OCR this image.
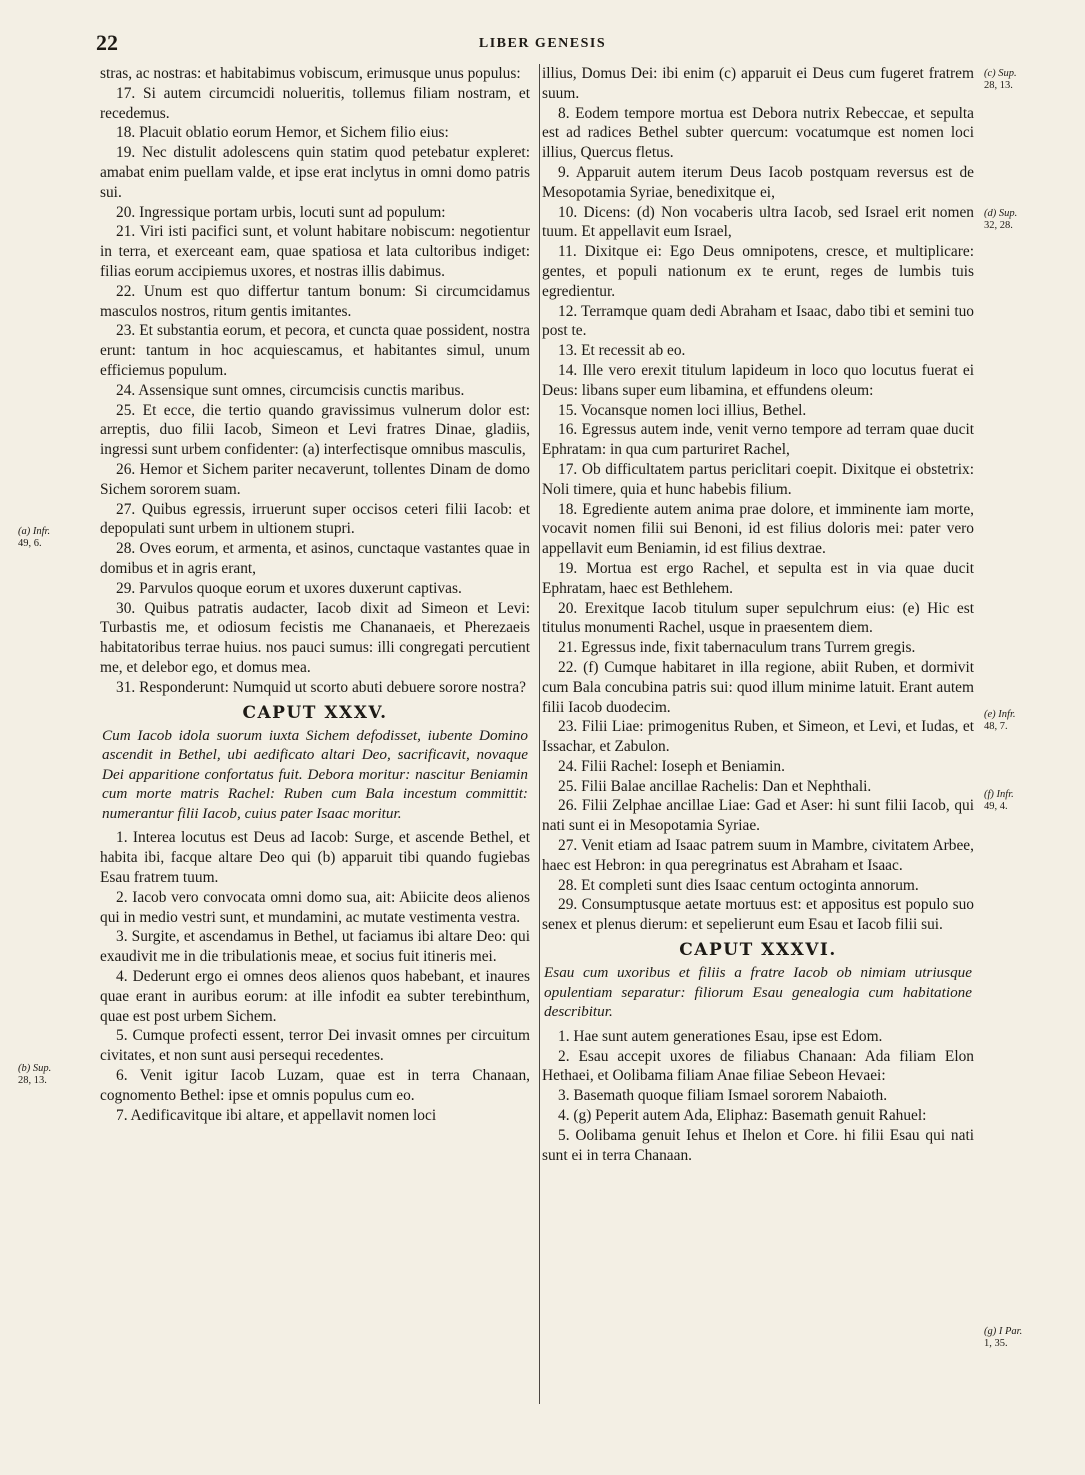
22	LIBER GENESIS

stras, ac nostras: et habitabimus vobiscum, erimusque unus populus:

17. Si autem circumcidi nolueritis, tollemus filiam nostram, et recedemus.

18. Placuit oblatio eorum Hemor, et Sichem filio eius:

19. Nec distulit adolescens quin statim quod petebatur expleret: amabat enim puellam valde, et ipse erat inclytus in omni domo patris sui.

20. Ingressique portam urbis, locuti sunt ad populum:

21. Viri isti pacifici sunt, et volunt habitare nobiscum: negotientur in terra, et exerceant eam, quae spatiosa et lata cultoribus indiget: filias eorum accipiemus uxores, et nostras illis dabimus.

22. Unum est quo differtur tantum bonum: Si circumcidamus masculos nostros, ritum gentis imitantes.

23. Et substantia eorum, et pecora, et cuncta quae possident, nostra erunt: tantum in hoc acquiescamus, et habitantes simul, unum efficiemus populum.

24. Assensique sunt omnes, circumcisis cunctis maribus.

25. Et ecce, die tertio quando gravissimus vulnerum dolor est: arreptis, duo filii Iacob, Simeon et Levi fratres Dinae, gladiis, ingressi sunt urbem confidenter: (a) interfectisque omnibus masculis,

26. Hemor et Sichem pariter necaverunt, tollentes Dinam de domo Sichem sororem suam.

27. Quibus egressis, irruerunt super occisos ceteri filii Iacob: et depopulati sunt urbem in ultionem stupri.

28. Oves eorum, et armenta, et asinos, cunctaque vastantes quae in domibus et in agris erant,

29. Parvulos quoque eorum et uxores duxerunt captivas.

30. Quibus patratis audacter, Iacob dixit ad Simeon et Levi: Turbastis me, et odiosum fecistis me Chananaeis, et Pherezaeis habitatoribus terrae huius. nos pauci sumus: illi congregati percutient me, et delebor ego, et domus mea.

31. Responderunt: Numquid ut scorto abuti debuere sorore nostra?

CAPUT XXXV.

Cum Iacob idola suorum iuxta Sichem defodisset, iubente Domino ascendit in Bethel, ubi aedificato altari Deo, sacrificavit, novaque Dei apparitione confortatus fuit. Debora moritur: nascitur Beniamin cum morte matris Rachel: Ruben cum Bala incestum committit: numerantur filii Iacob, cuius pater Isaac moritur.

1. Interea locutus est Deus ad Iacob: Surge, et ascende Bethel, et habita ibi, facque altare Deo qui (b) apparuit tibi quando fugiebas Esau fratrem tuum.

2. Iacob vero convocata omni domo sua, ait: Abiicite deos alienos qui in medio vestri sunt, et mundamini, ac mutate vestimenta vestra.

3. Surgite, et ascendamus in Bethel, ut faciamus ibi altare Deo: qui exaudivit me in die tribulationis meae, et socius fuit itineris mei.

4. Dederunt ergo ei omnes deos alienos quos habebant, et inaures quae erant in auribus eorum: at ille infodit ea subter terebinthum, quae est post urbem Sichem.

5. Cumque profecti essent, terror Dei invasit omnes per circuitum civitates, et non sunt ausi persequi recedentes.

6. Venit igitur Iacob Luzam, quae est in terra Chanaan, cognomento Bethel: ipse et omnis populus cum eo.

7. Aedificavitque ibi altare, et appellavit nomen loci

illius, Domus Dei: ibi enim (c) apparuit ei Deus cum fugeret fratrem suum.

8. Eodem tempore mortua est Debora nutrix Rebeccae, et sepulta est ad radices Bethel subter quercum: vocatumque est nomen loci illius, Quercus fletus.

9. Apparuit autem iterum Deus Iacob postquam reversus est de Mesopotamia Syriae, benedixitque ei,

10. Dicens: (d) Non vocaberis ultra Iacob, sed Israel erit nomen tuum. Et appellavit eum Israel,

11. Dixitque ei: Ego Deus omnipotens, cresce, et multiplicare: gentes, et populi nationum ex te erunt, reges de lumbis tuis egredientur.

12. Terramque quam dedi Abraham et Isaac, dabo tibi et semini tuo post te.

13. Et recessit ab eo.

14. Ille vero erexit titulum lapideum in loco quo locutus fuerat ei Deus: libans super eum libamina, et effundens oleum:

15. Vocansque nomen loci illius, Bethel.

16. Egressus autem inde, venit verno tempore ad terram quae ducit Ephratam: in qua cum parturiret Rachel,

17. Ob difficultatem partus periclitari coepit. Dixitque ei obstetrix: Noli timere, quia et hunc habebis filium.

18. Egrediente autem anima prae dolore, et imminente iam morte, vocavit nomen filii sui Benoni, id est filius doloris mei: pater vero appellavit eum Beniamin, id est filius dextrae.

19. Mortua est ergo Rachel, et sepulta est in via quae ducit Ephratam, haec est Bethlehem.

20. Erexitque Iacob titulum super sepulchrum eius: (e) Hic est titulus monumenti Rachel, usque in praesentem diem.

21. Egressus inde, fixit tabernaculum trans Turrem gregis.

22. (f) Cumque habitaret in illa regione, abiit Ruben, et dormivit cum Bala concubina patris sui: quod illum minime latuit. Erant autem filii Iacob duodecim.

23. Filii Liae: primogenitus Ruben, et Simeon, et Levi, et Iudas, et Issachar, et Zabulon.

24. Filii Rachel: Ioseph et Beniamin.

25. Filii Balae ancillae Rachelis: Dan et Nephthali.

26. Filii Zelphae ancillae Liae: Gad et Aser: hi sunt filii Iacob, qui nati sunt ei in Mesopotamia Syriae.

27. Venit etiam ad Isaac patrem suum in Mambre, civitatem Arbee, haec est Hebron: in qua peregrinatus est Abraham et Isaac.

28. Et completi sunt dies Isaac centum octoginta annorum.

29. Consumptusque aetate mortuus est: et appositus est populo suo senex et plenus dierum: et sepelierunt eum Esau et Iacob filii sui.

CAPUT XXXVI.

Esau cum uxoribus et filiis a fratre Iacob ob nimiam utriusque opulentiam separatur: filiorum Esau genealogia cum habitatione describitur.

1. Hae sunt autem generationes Esau, ipse est Edom.

2. Esau accepit uxores de filiabus Chanaan: Ada filiam Elon Hethaei, et Oolibama filiam Anae filiae Sebeon Hevaei:

3. Basemath quoque filiam Ismael sororem Nabaioth.

4. (g) Peperit autem Ada, Eliphaz: Basemath genuit Rahuel:

5. Oolibama genuit Iehus et Ihelon et Core. hi filii Esau qui nati sunt ei in terra Chanaan.

(a) Infr.
49, 6.
(b) Sup.
28, 13.
(c) Sup.
28, 13.
(d) Sup.
32, 28.
(e) Infr.
48, 7.
(f) Infr.
49, 4.
(g) I Par.
1, 35.
